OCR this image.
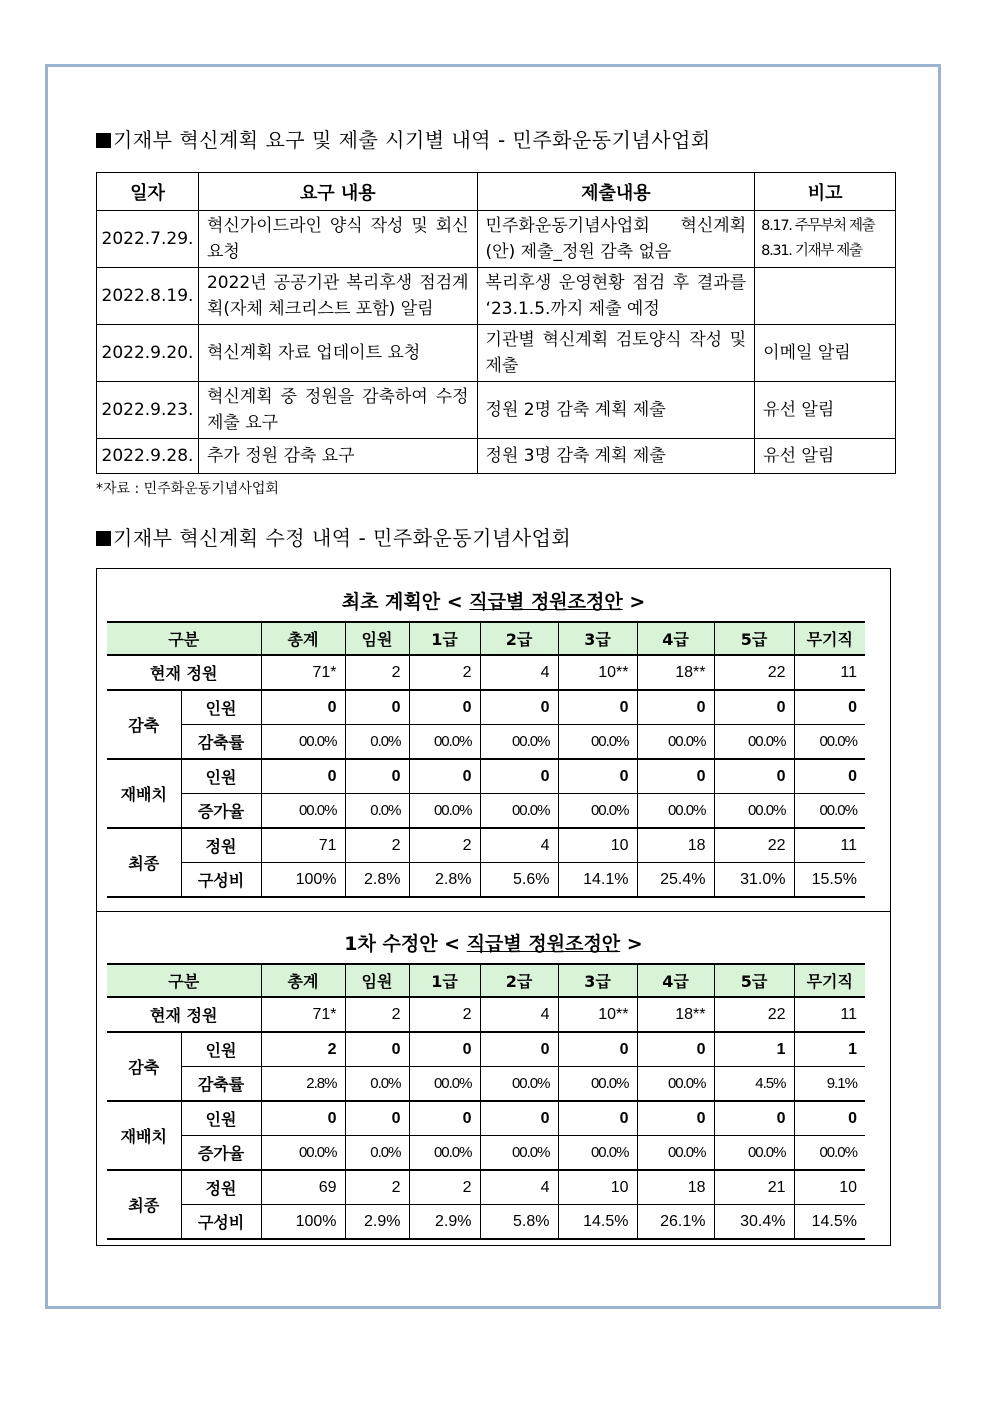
기재부 혁신계획 요구 및 제출 시기별 내역 - 민주화운동기념사업회
일자	요구 내용	제출내용	비고
2022.7.29.	혁신가이드라인 양식 작성 및 회신 요청	민주화운동기념사업회 혁신계획(안) 제출_정원 감축 없음	8.17. 주무부처 제출 8.31. 기재부 제출
2022.8.19.	2022년 공공기관 복리후생 점검계획(자체 체크리스트 포함) 알림	복리후생 운영현황 점검 후 결과를 ‘23.1.5.까지 제출 예정	
2022.9.20.	혁신계획 자료 업데이트 요청	기관별 혁신계획 검토양식 작성 및 제출	이메일 알림
2022.9.23.	혁신계획 중 정원을 감축하여 수정 제출 요구	정원 2명 감축 계획 제출	유선 알림
2022.9.28.	추가 정원 감축 요구	정원 3명 감축 계획 제출	유선 알림
*자료 : 민주화운동기념사업회
기재부 혁신계획 수정 내역 - 민주화운동기념사업회
최초 계획안 < 직급별 정원조정안 >
구분		총계	임원	1급	2급	3급	4급	5급	무기직
현재 정원		71*	2	2	4	10**	18**	22	11
감축	인원	0	0	0	0	0	0	0	0
	감축률	00.0%	0.0%	00.0%	00.0%	00.0%	00.0%	00.0%	00.0%
재배치	인원	0	0	0	0	0	0	0	0
	증가율	00.0%	0.0%	00.0%	00.0%	00.0%	00.0%	00.0%	00.0%
최종	정원	71	2	2	4	10	18	22	11
	구성비	100%	2.8%	2.8%	5.6%	14.1%	25.4%	31.0%	15.5%
1차 수정안 < 직급별 정원조정안 >
구분		총계	임원	1급	2급	3급	4급	5급	무기직
현재 정원		71*	2	2	4	10**	18**	22	11
감축	인원	2	0	0	0	0	0	1	1
	감축률	2.8%	0.0%	00.0%	00.0%	00.0%	00.0%	4.5%	9.1%
재배치	인원	0	0	0	0	0	0	0	0
	증가율	00.0%	0.0%	00.0%	00.0%	00.0%	00.0%	00.0%	00.0%
최종	정원	69	2	2	4	10	18	21	10
	구성비	100%	2.9%	2.9%	5.8%	14.5%	26.1%	30.4%	14.5%
